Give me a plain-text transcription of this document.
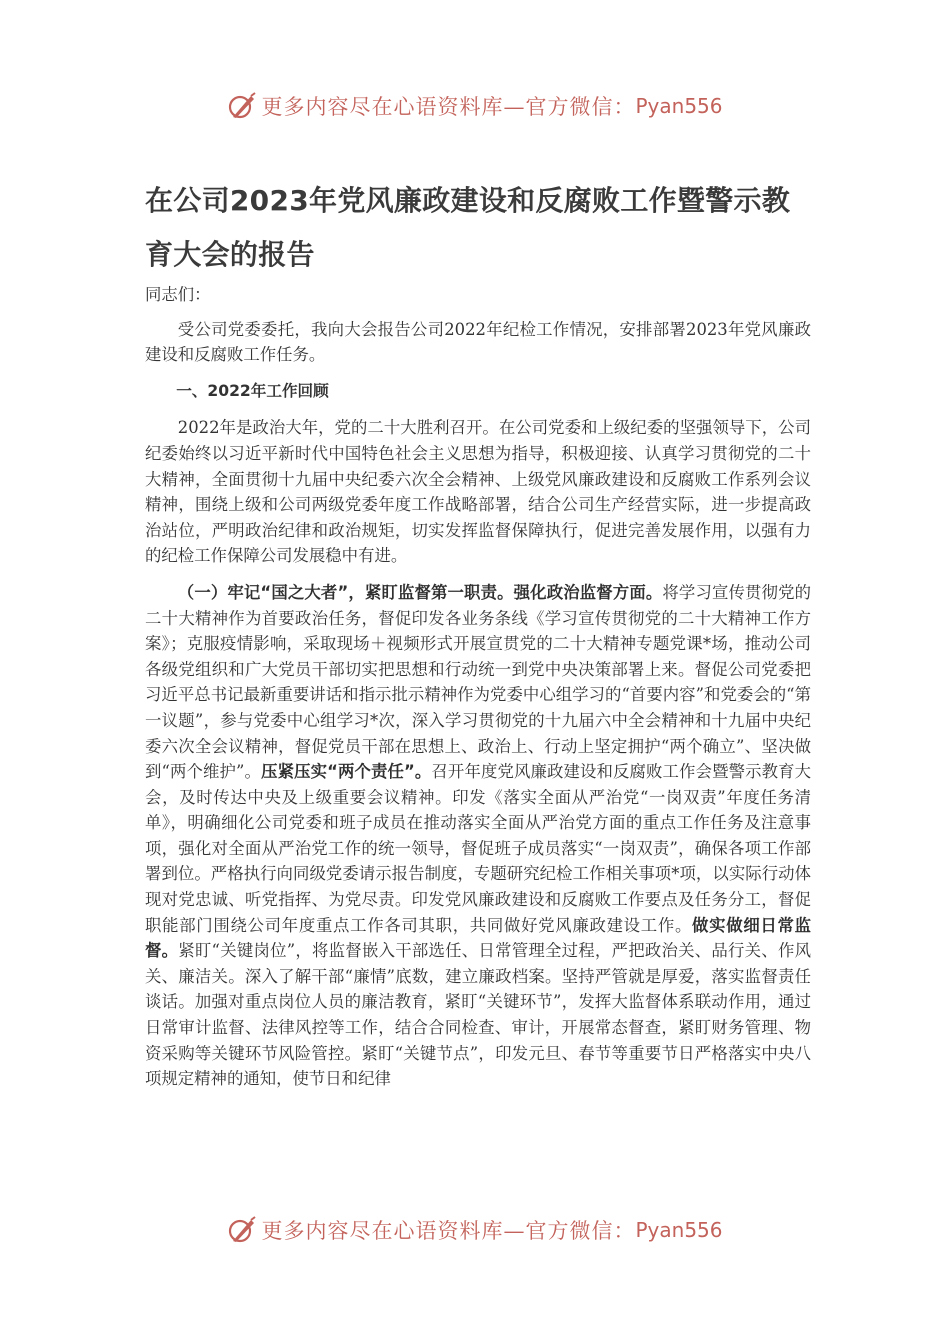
更多内容尽在心语资料库—官方微信： Pyan556
在公司2023年党风廉政建设和反腐败工作暨警示教育大会的报告

同志们：

受公司党委委托，我向大会报告公司2022年纪检工作情况，安排部署2023年党风廉政建设和反腐败工作任务。

一、2022年工作回顾

2022年是政治大年，党的二十大胜利召开。在公司党委和上级纪委的坚强领导下，公司纪委始终以习近平新时代中国特色社会主义思想为指导，积极迎接、认真学习贯彻党的二十大精神，全面贯彻十九届中央纪委六次全会精神、上级党风廉政建设和反腐败工作系列会议精神，围绕上级和公司两级党委年度工作战略部署，结合公司生产经营实际，进一步提高政治站位，严明政治纪律和政治规矩，切实发挥监督保障执行，促进完善发展作用，以强有力的纪检工作保障公司发展稳中有进。

（一）牢记“国之大者”，紧盯监督第一职责。强化政治监督方面。将学习宣传贯彻党的二十大精神作为首要政治任务，督促印发各业务条线《学习宣传贯彻党的二十大精神工作方案》；克服疫情影响，采取现场＋视频形式开展宣贯党的二十大精神专题党课*场，推动公司各级党组织和广大党员干部切实把思想和行动统一到党中央决策部署上来。督促公司党委把习近平总书记最新重要讲话和指示批示精神作为党委中心组学习的“首要内容”和党委会的“第一议题”，参与党委中心组学习*次，深入学习贯彻党的十九届六中全会精神和十九届中央纪委六次全会议精神，督促党员干部在思想上、政治上、行动上坚定拥护“两个确立”、坚决做到“两个维护”。压紧压实“两个责任”。召开年度党风廉政建设和反腐败工作会暨警示教育大会，及时传达中央及上级重要会议精神。印发《落实全面从严治党“一岗双责”年度任务清单》，明确细化公司党委和班子成员在推动落实全面从严治党方面的重点工作任务及注意事项，强化对全面从严治党工作的统一领导，督促班子成员落实“一岗双责”，确保各项工作部署到位。严格执行向同级党委请示报告制度，专题研究纪检工作相关事项*项，以实际行动体现对党忠诚、听党指挥、为党尽责。印发党风廉政建设和反腐败工作要点及任务分工，督促职能部门围绕公司年度重点工作各司其职，共同做好党风廉政建设工作。做实做细日常监督。紧盯“关键岗位”，将监督嵌入干部选任、日常管理全过程，严把政治关、品行关、作风关、廉洁关。深入了解干部“廉情”底数，建立廉政档案。坚持严管就是厚爱，落实监督责任谈话。加强对重点岗位人员的廉洁教育，紧盯“关键环节”，发挥大监督体系联动作用，通过日常审计监督、法律风控等工作，结合合同检查、审计，开展常态督查，紧盯财务管理、物资采购等关键环节风险管控。紧盯“关键节点”，印发元旦、春节等重要节日严格落实中央八项规定精神的通知，使节日和纪律

更多内容尽在心语资料库—官方微信： Pyan556
